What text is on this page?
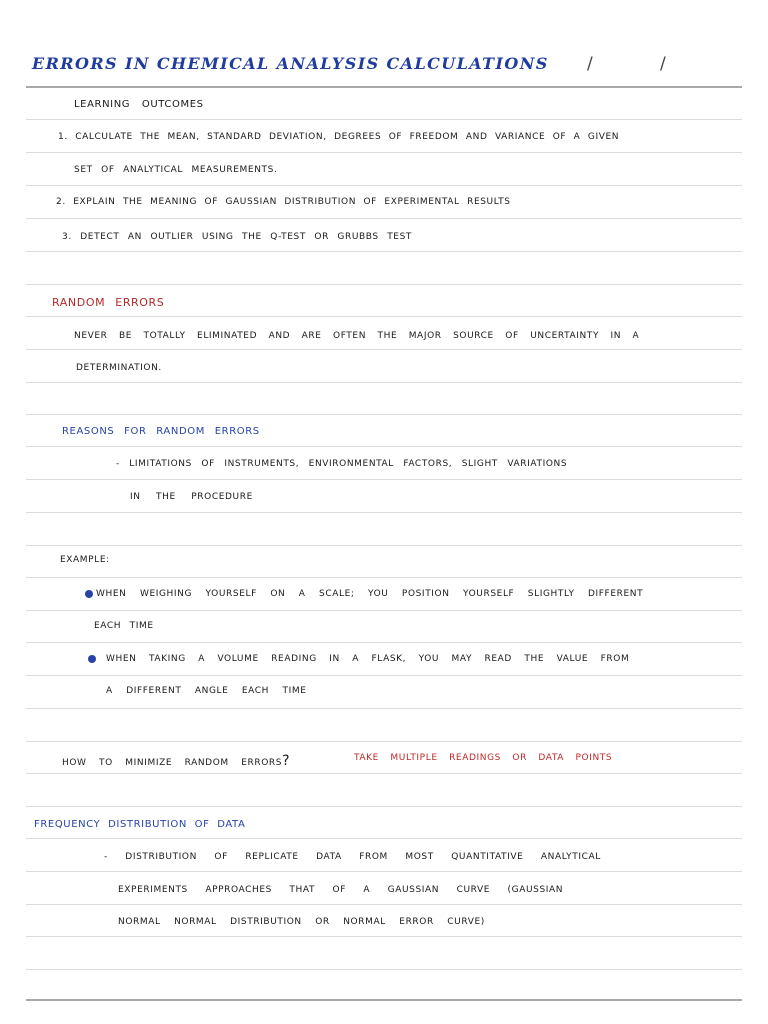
ERRORS IN CHEMICAL ANALYSIS CALCULATIONS /	/
LEARNING OUTCOMES
1. CALCULATE THE MEAN, STANDARD DEVIATION, DEGREES OF FREEDOM AND VARIANCE OF A GIVEN
SET OF ANALYTICAL MEASUREMENTS.
2. EXPLAIN THE MEANING OF GAUSSIAN DISTRIBUTION OF EXPERIMENTAL RESULTS
3. DETECT AN OUTLIER USING THE Q-TEST OR GRUBBS TEST
RANDOM ERRORS
NEVER BE TOTALLY ELIMINATED AND ARE OFTEN THE MAJOR SOURCE OF UNCERTAINTY IN A
DETERMINATION.
REASONS FOR RANDOM ERRORS
- LIMITATIONS OF INSTRUMENTS, ENVIRONMENTAL FACTORS, SLIGHT VARIATIONS
IN THE PROCEDURE
EXAMPLE:
WHEN WEIGHING YOURSELF ON A SCALE; YOU POSITION YOURSELF SLIGHTLY DIFFERENT
EACH TIME
WHEN TAKING A VOLUME READING IN A FLASK, YOU MAY READ THE VALUE FROM
A DIFFERENT ANGLE EACH TIME
HOW TO MINIMIZE RANDOM ERRORS?	TAKE MULTIPLE READINGS OR DATA POINTS
FREQUENCY DISTRIBUTION OF DATA
- DISTRIBUTION OF REPLICATE DATA FROM MOST QUANTITATIVE ANALYTICAL
EXPERIMENTS APPROACHES THAT OF A GAUSSIAN CURVE (GAUSSIAN
NORMAL NORMAL DISTRIBUTION OR NORMAL ERROR CURVE)
